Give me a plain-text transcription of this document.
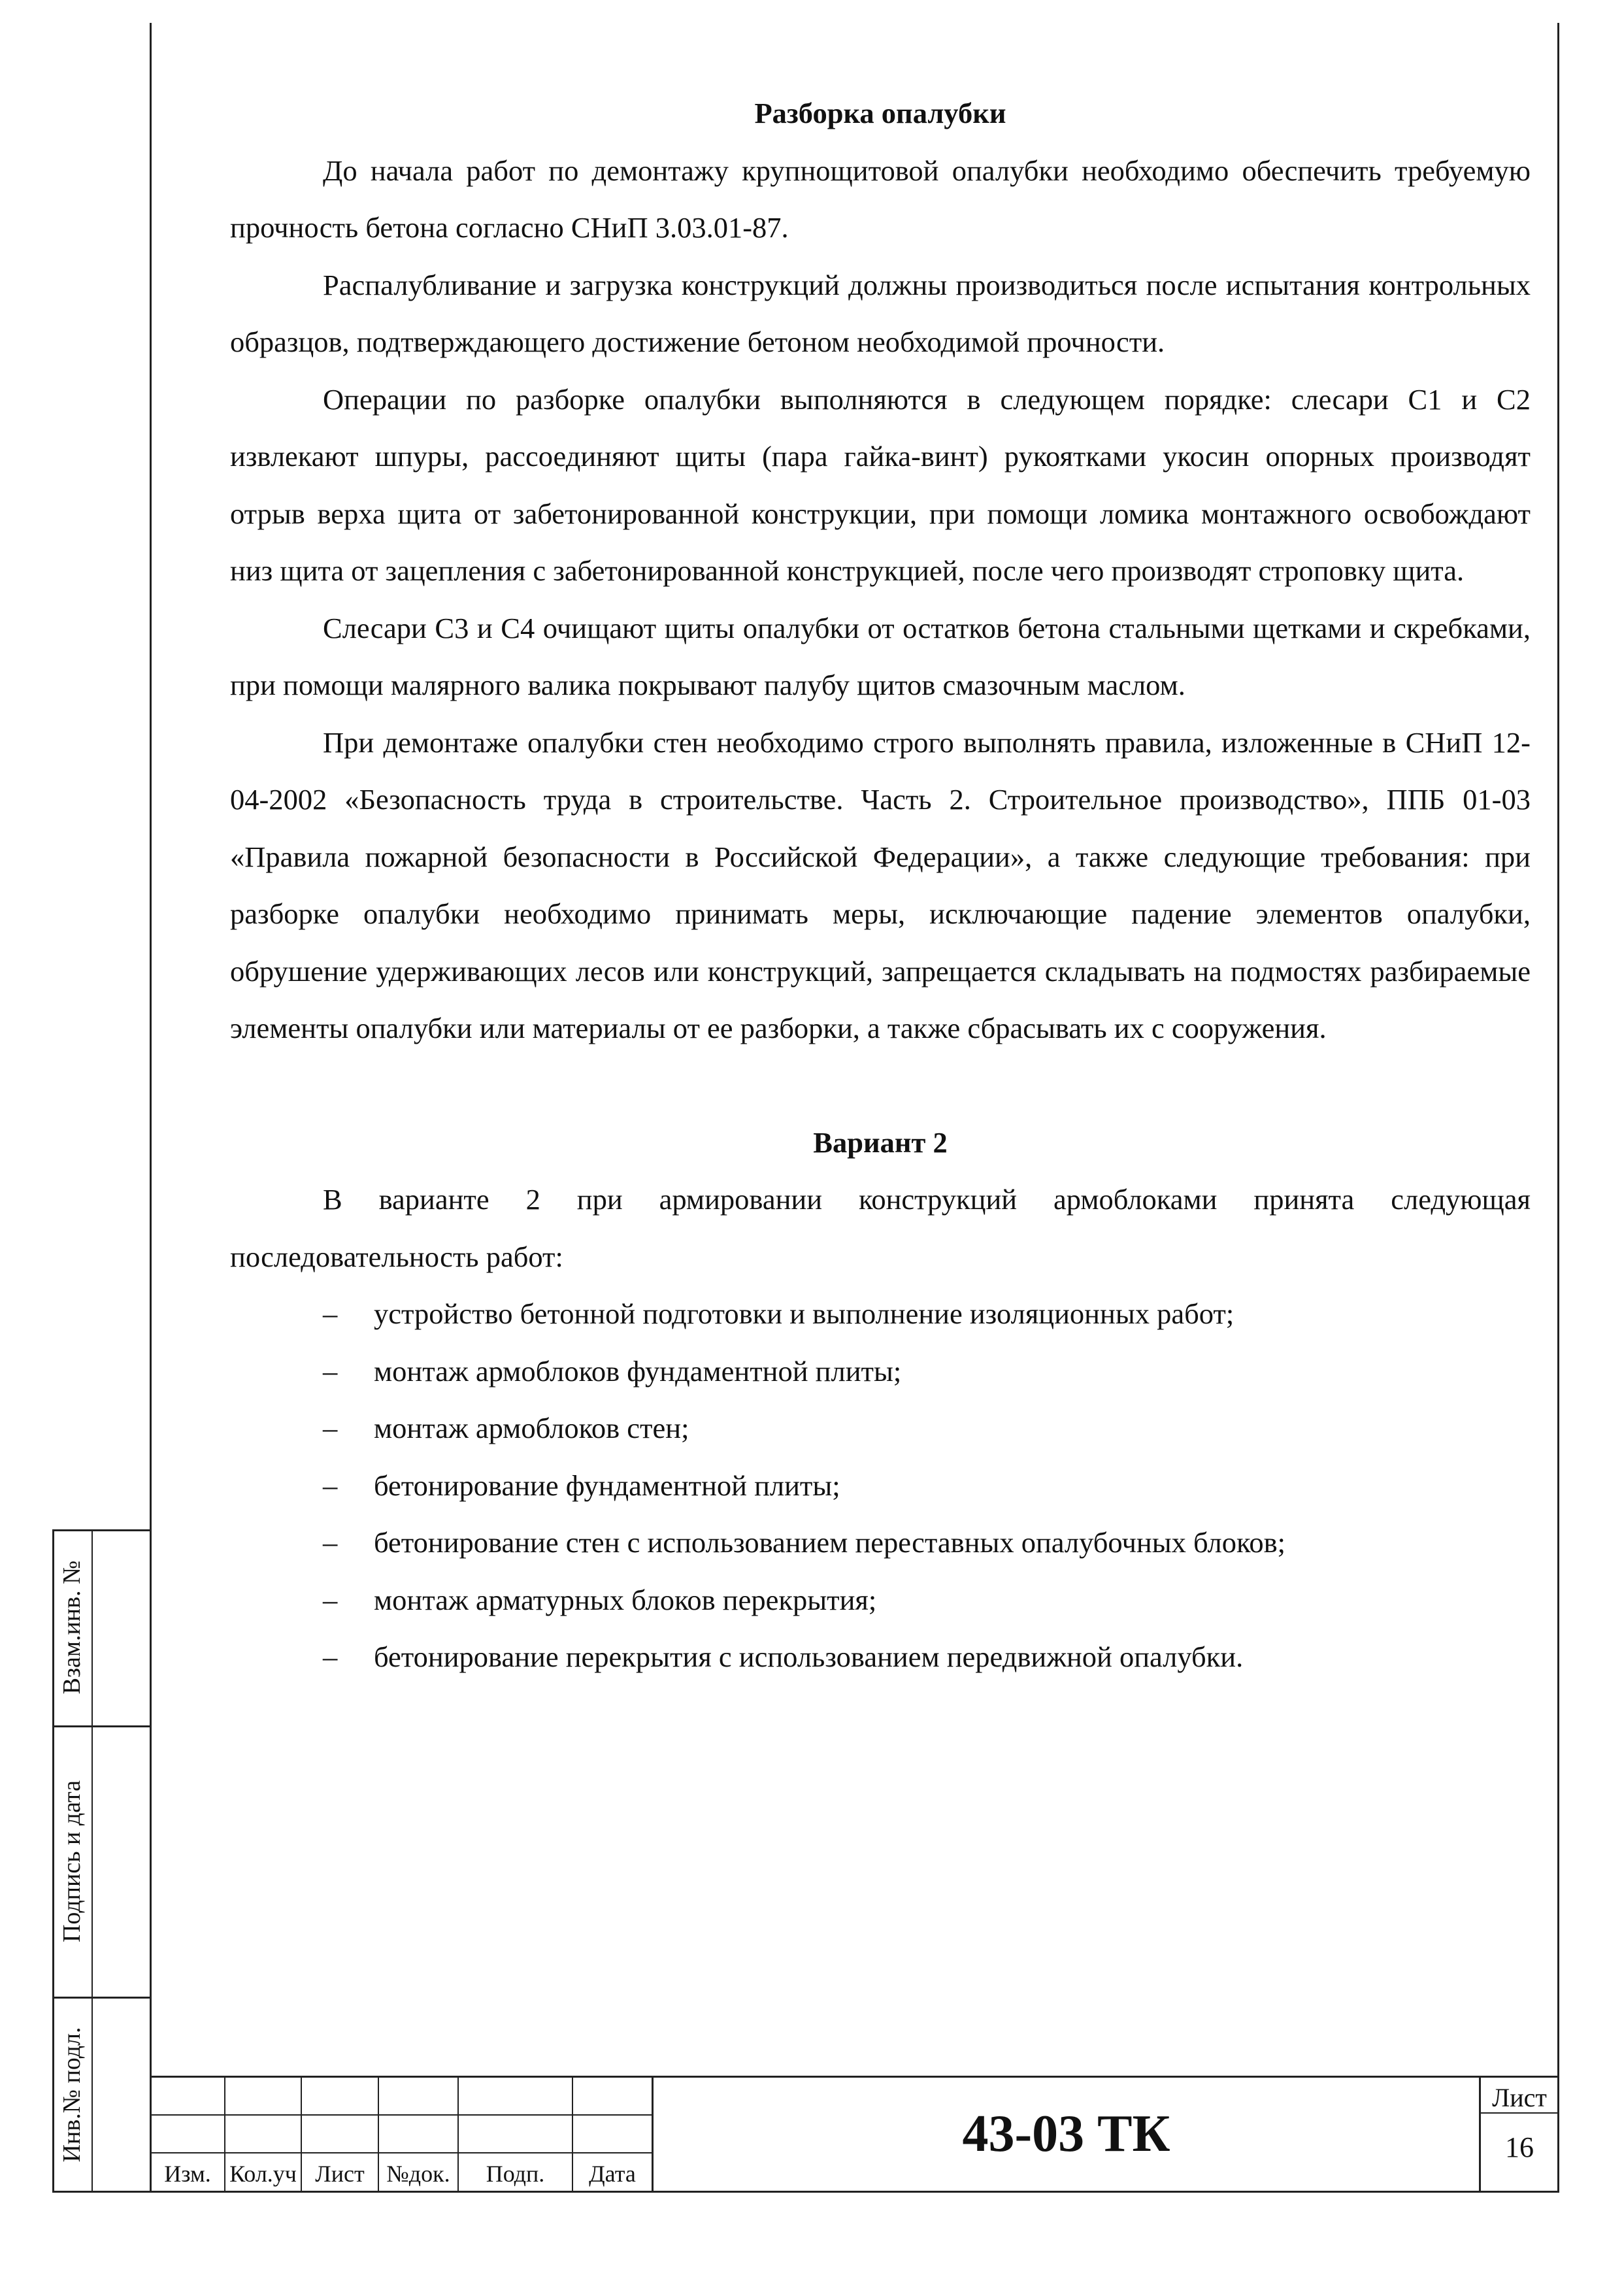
Взам.инв. №
Подпись и дата
Инв.№ подл.

Разборка опалубки

До начала работ по демонтажу крупнощитовой опалубки необходимо обеспечить требуемую прочность бетона согласно СНиП 3.03.01-87.

Распалубливание и загрузка конструкций должны производиться после испытания контрольных образцов, подтверждающего достижение бетоном необходимой прочности.

Операции по разборке опалубки выполняются в следующем порядке: слесари С1 и С2 извлекают шпуры, рассоединяют щиты (пара гайка-винт) рукоятками укосин опорных производят отрыв верха щита от забетонированной конструкции, при помощи ломика монтажного освобождают низ щита от зацепления с забетонированной конструкцией, после чего производят строповку щита.

Слесари С3 и С4 очищают щиты опалубки от остатков бетона стальными щетками и скребками, при помощи малярного валика покрывают палубу щитов смазочным маслом.

При демонтаже опалубки стен необходимо строго выполнять правила, изложенные в СНиП 12-04-2002 «Безопасность труда в строительстве. Часть 2. Строительное производство», ППБ 01-03 «Правила пожарной безопасности в Российской Федерации», а также следующие требования: при разборке опалубки необходимо принимать меры, исключающие падение элементов опалубки, обрушение удерживающих лесов или конструкций, запрещается складывать на подмостях разбираемые элементы опалубки или материалы от ее разборки, а также сбрасывать их с сооружения.

Вариант 2

В варианте 2 при армировании конструкций армоблоками принята следующая последовательность работ:

– устройство бетонной подготовки и выполнение изоляционных работ;
– монтаж армоблоков фундаментной плиты;
– монтаж армоблоков стен;
– бетонирование фундаментной плиты;
– бетонирование стен с использованием переставных опалубочных блоков;
– монтаж арматурных блоков перекрытия;
– бетонирование перекрытия с использованием передвижной опалубки.
Изм. Кол.уч Лист №док.	Подп.	Дата
43-03 ТК
Лист
16
